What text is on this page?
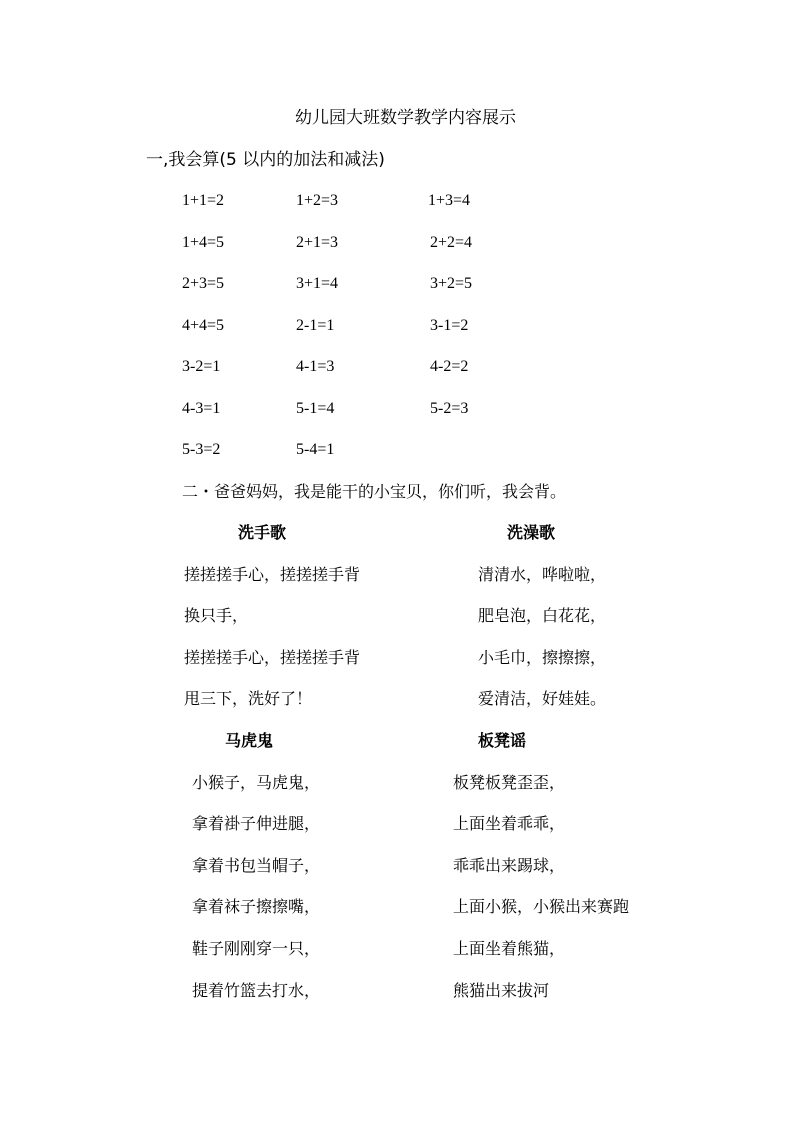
幼儿园大班数学教学内容展示
一,我会算(5 以内的加法和减法)
1+1=2	1+2=3	1+3=4
1+4=5	2+1=3	2+2=4
2+3=5	3+1=4	3+2=5
4+4=5	2-1=1	3-1=2
3-2=1	4-1=3	4-2=2
4-3=1	5-1=4	5-2=3
5-3=2	5-4=1
二・爸爸妈妈，我是能干的小宝贝，你们听，我会背。
洗手歌
搓搓搓手心，搓搓搓手背
换只手，
搓搓搓手心，搓搓搓手背
甩三下，洗好了！
洗澡歌
清清水，哗啦啦，
肥皂泡，白花花，
小毛巾，擦擦擦，
爱清洁，好娃娃。
马虎鬼
小猴子，马虎鬼，
拿着褂子伸进腿，
拿着书包当帽子，
拿着袜子擦擦嘴，
鞋子刚刚穿一只，
提着竹篮去打水，
板凳谣
板凳板凳歪歪，
上面坐着乖乖，
乖乖出来踢球，
上面小猴，小猴出来赛跑
上面坐着熊猫，
熊猫出来拔河
